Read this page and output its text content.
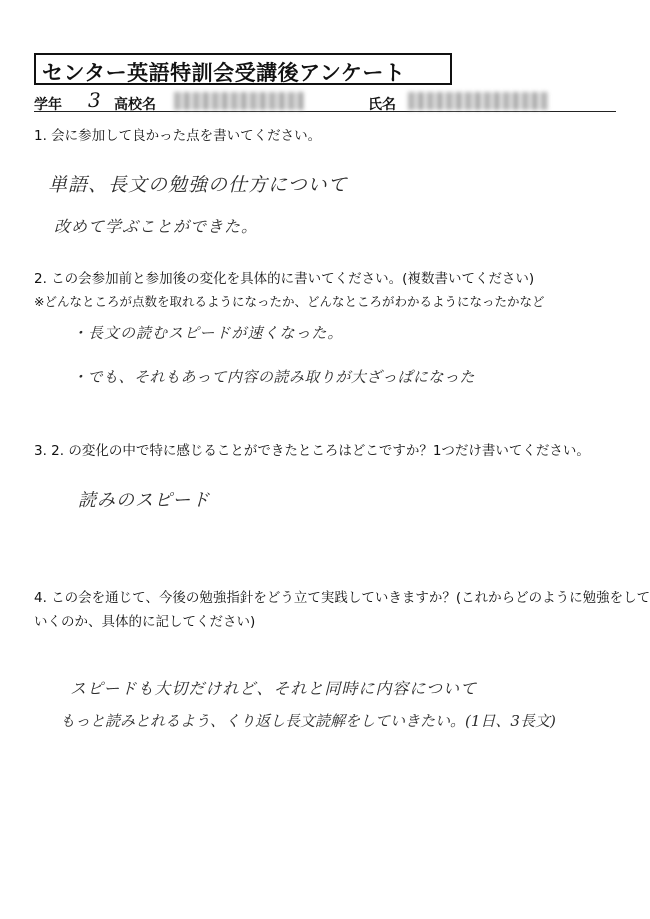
センター英語特訓会受講後アンケート
学年 3 高校名	氏名
1. 会に参加して良かった点を書いてください。
単語、長文の勉強の仕方について
改めて学ぶことができた。
2. この会参加前と参加後の変化を具体的に書いてください。(複数書いてください)
※どんなところが点数を取れるようになったか、どんなところがわかるようになったかなど
・長文の読むスピードが速くなった。
・でも、それもあって内容の読み取りが大ざっぱになった
3. 2. の変化の中で特に感じることができたところはどこですか？1つだけ書いてください。
読みのスピード
4. この会を通じて、今後の勉強指針をどう立て実践していきますか？(これからどのように勉強をして
いくのか、具体的に記してください)
スピードも大切だけれど、それと同時に内容について
もっと読みとれるよう、くり返し長文読解をしていきたい。(1日、3長文)
